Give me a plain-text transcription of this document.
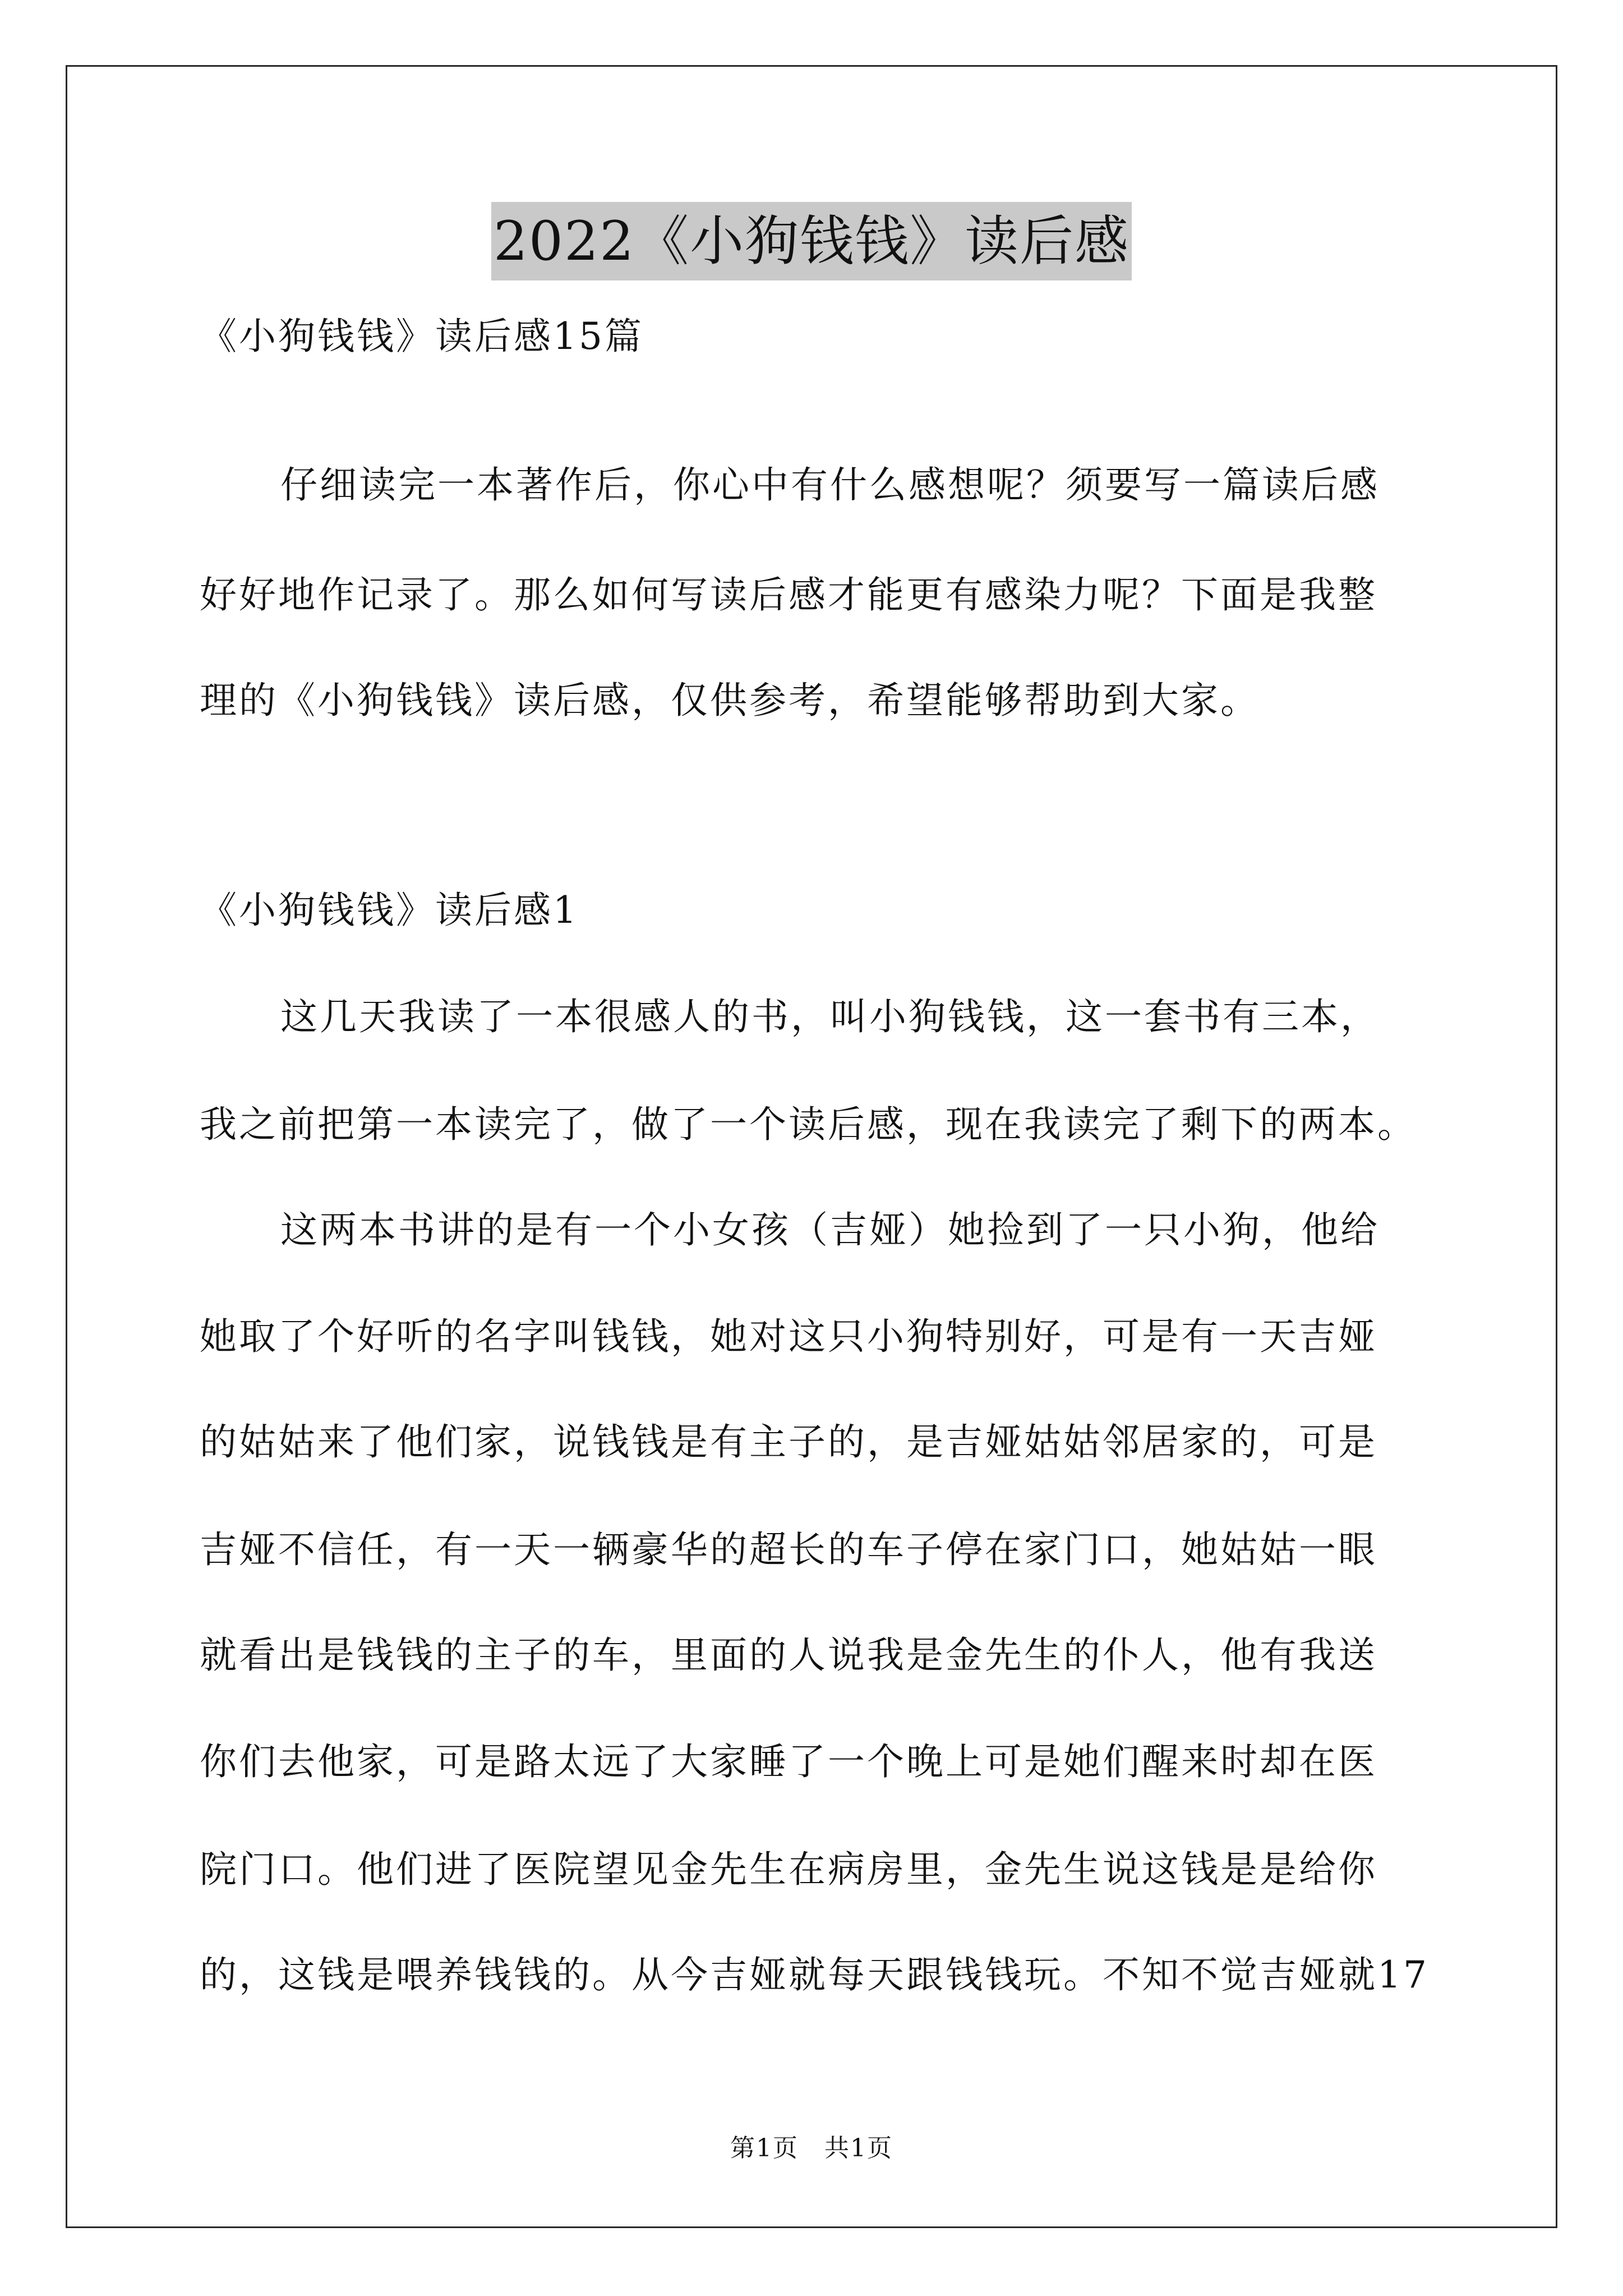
2022《小狗钱钱》读后感
《小狗钱钱》读后感15篇
仔细读完一本著作后，你心中有什么感想呢？须要写一篇读后感
好好地作记录了。那么如何写读后感才能更有感染力呢？下面是我整
理的《小狗钱钱》读后感，仅供参考，希望能够帮助到大家。
《小狗钱钱》读后感1
这几天我读了一本很感人的书，叫小狗钱钱，这一套书有三本，
我之前把第一本读完了，做了一个读后感，现在我读完了剩下的两本。
这两本书讲的是有一个小女孩（吉娅）她捡到了一只小狗，他给
她取了个好听的名字叫钱钱，她对这只小狗特别好，可是有一天吉娅
的姑姑来了他们家，说钱钱是有主子的，是吉娅姑姑邻居家的，可是
吉娅不信任，有一天一辆豪华的超长的车子停在家门口，她姑姑一眼
就看出是钱钱的主子的车，里面的人说我是金先生的仆人，他有我送
你们去他家，可是路太远了大家睡了一个晚上可是她们醒来时却在医
院门口。他们进了医院望见金先生在病房里，金先生说这钱是是给你
的，这钱是喂养钱钱的。从今吉娅就每天跟钱钱玩。不知不觉吉娅就17
第1页　共1页
